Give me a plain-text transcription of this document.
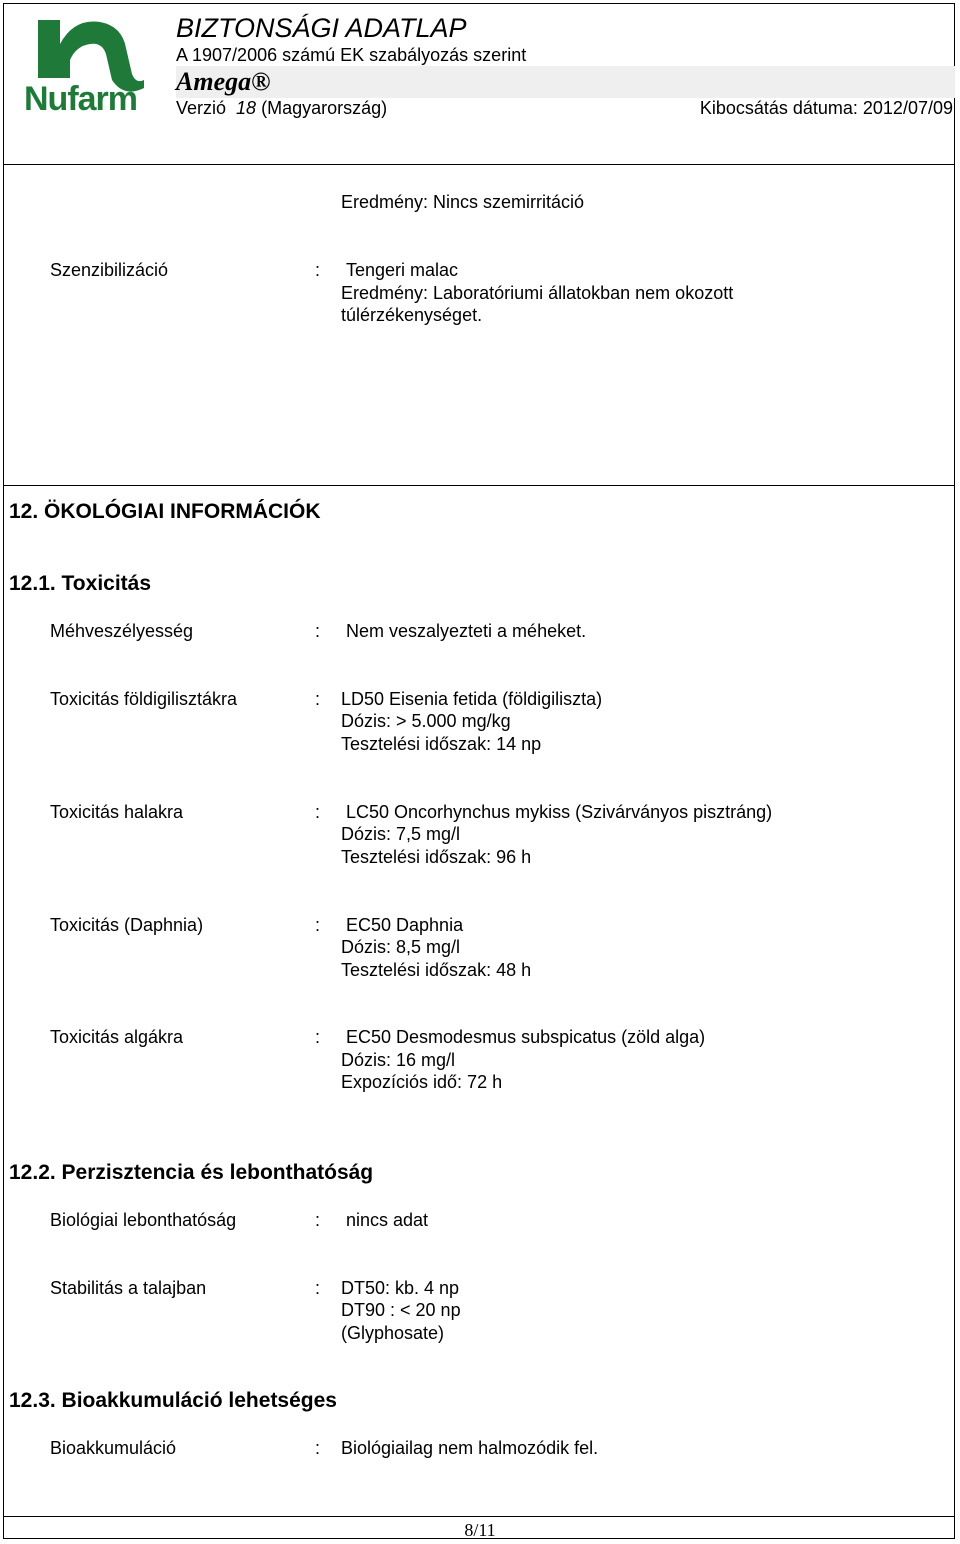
Nufarm
BIZTONSÁGI ADATLAP
A 1907/2006 számú EK szabályozás szerint
Amega®
Verzió 18 (Magyarország)	Kibocsátás dátuma: 2012/07/09
Eredmény: Nincs szemirritáció
Szenzibilizáció	: Tengeri malac
Eredmény: Laboratóriumi állatokban nem okozott
túlérzékenységet.
12. ÖKOLÓGIAI INFORMÁCIÓK
12.1. Toxicitás
Méhveszélyesség	: Nem veszalyezteti a méheket.
Toxicitás földigilisztákra	: LD50 Eisenia fetida (földigiliszta)
Dózis: > 5.000 mg/kg
Tesztelési időszak: 14 np
Toxicitás halakra	: LC50 Oncorhynchus mykiss (Szivárványos pisztráng)
Dózis: 7,5 mg/l
Tesztelési időszak: 96 h
Toxicitás (Daphnia)	: EC50 Daphnia
Dózis: 8,5 mg/l
Tesztelési időszak: 48 h
Toxicitás algákra	: EC50 Desmodesmus subspicatus (zöld alga)
Dózis: 16 mg/l
Expozíciós idő: 72 h
12.2. Perzisztencia és lebonthatóság
Biológiai lebonthatóság	: nincs adat
Stabilitás a talajban	: DT50: kb. 4 np
DT90 : < 20 np
(Glyphosate)
12.3. Bioakkumuláció lehetséges
Bioakkumuláció	: Biológiailag nem halmozódik fel.
8/11
